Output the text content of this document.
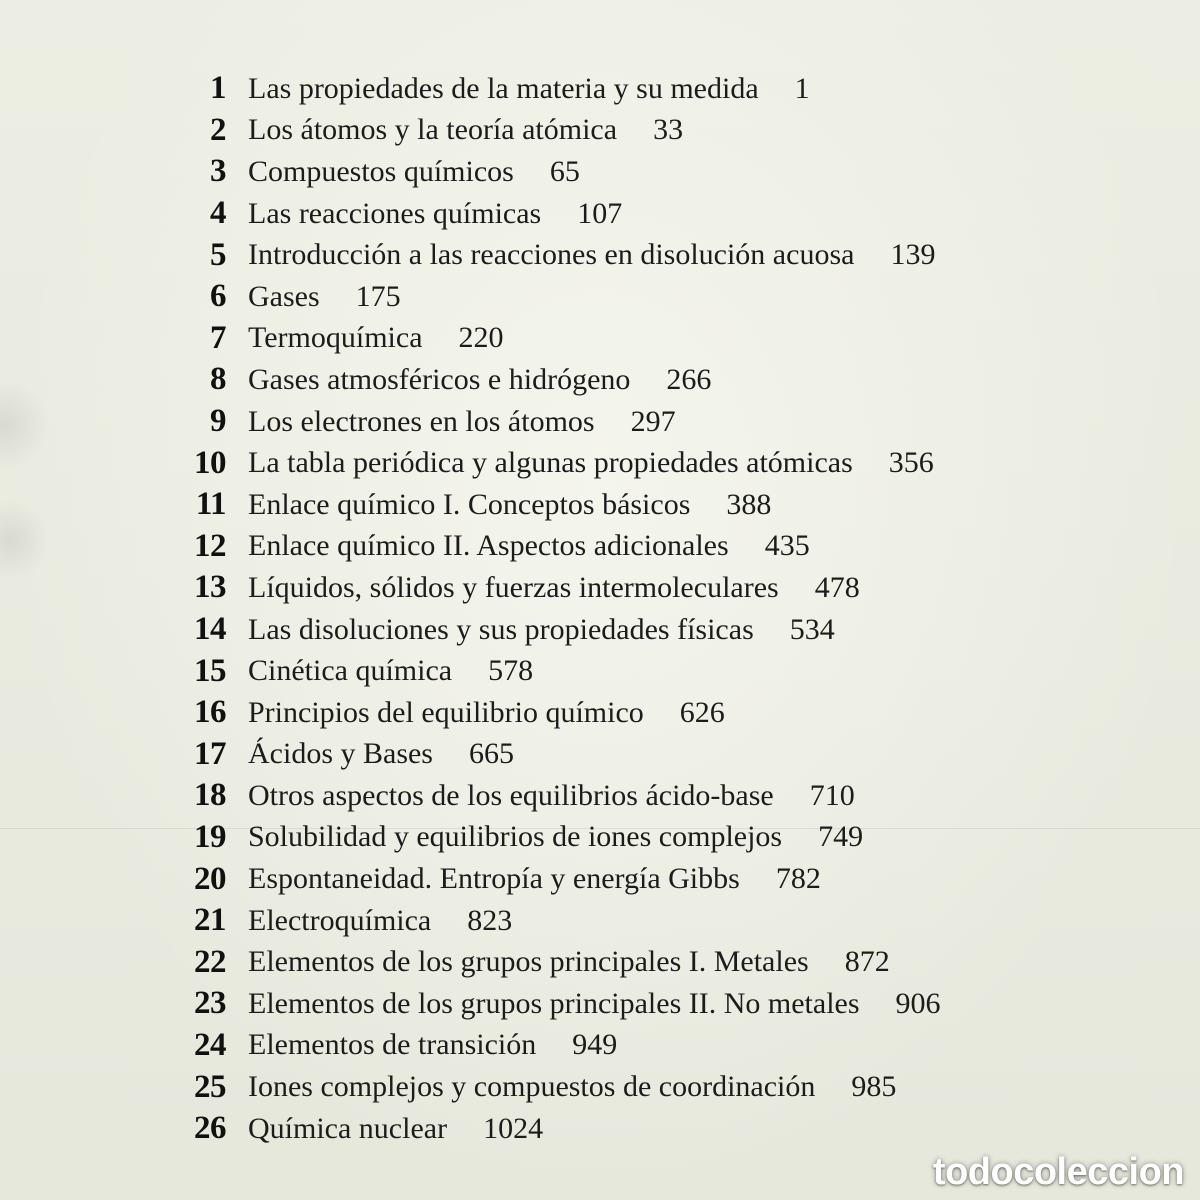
1 Las propiedades de la materia y su medida 1
2 Los átomos y la teoría atómica 33
3 Compuestos químicos 65
4 Las reacciones químicas 107
5 Introducción a las reacciones en disolución acuosa 139
6 Gases 175
7 Termoquímica 220
8 Gases atmosféricos e hidrógeno 266
9 Los electrones en los átomos 297
10 La tabla periódica y algunas propiedades atómicas 356
11 Enlace químico I. Conceptos básicos 388
12 Enlace químico II. Aspectos adicionales 435
13 Líquidos, sólidos y fuerzas intermoleculares 478
14 Las disoluciones y sus propiedades físicas 534
15 Cinética química 578
16 Principios del equilibrio químico 626
17 Ácidos y Bases 665
18 Otros aspectos de los equilibrios ácido-base 710
19 Solubilidad y equilibrios de iones complejos 749
20 Espontaneidad. Entropía y energía Gibbs 782
21 Electroquímica 823
22 Elementos de los grupos principales I. Metales 872
23 Elementos de los grupos principales II. No metales 906
24 Elementos de transición 949
25 Iones complejos y compuestos de coordinación 985
26 Química nuclear 1024
todocoleccion
